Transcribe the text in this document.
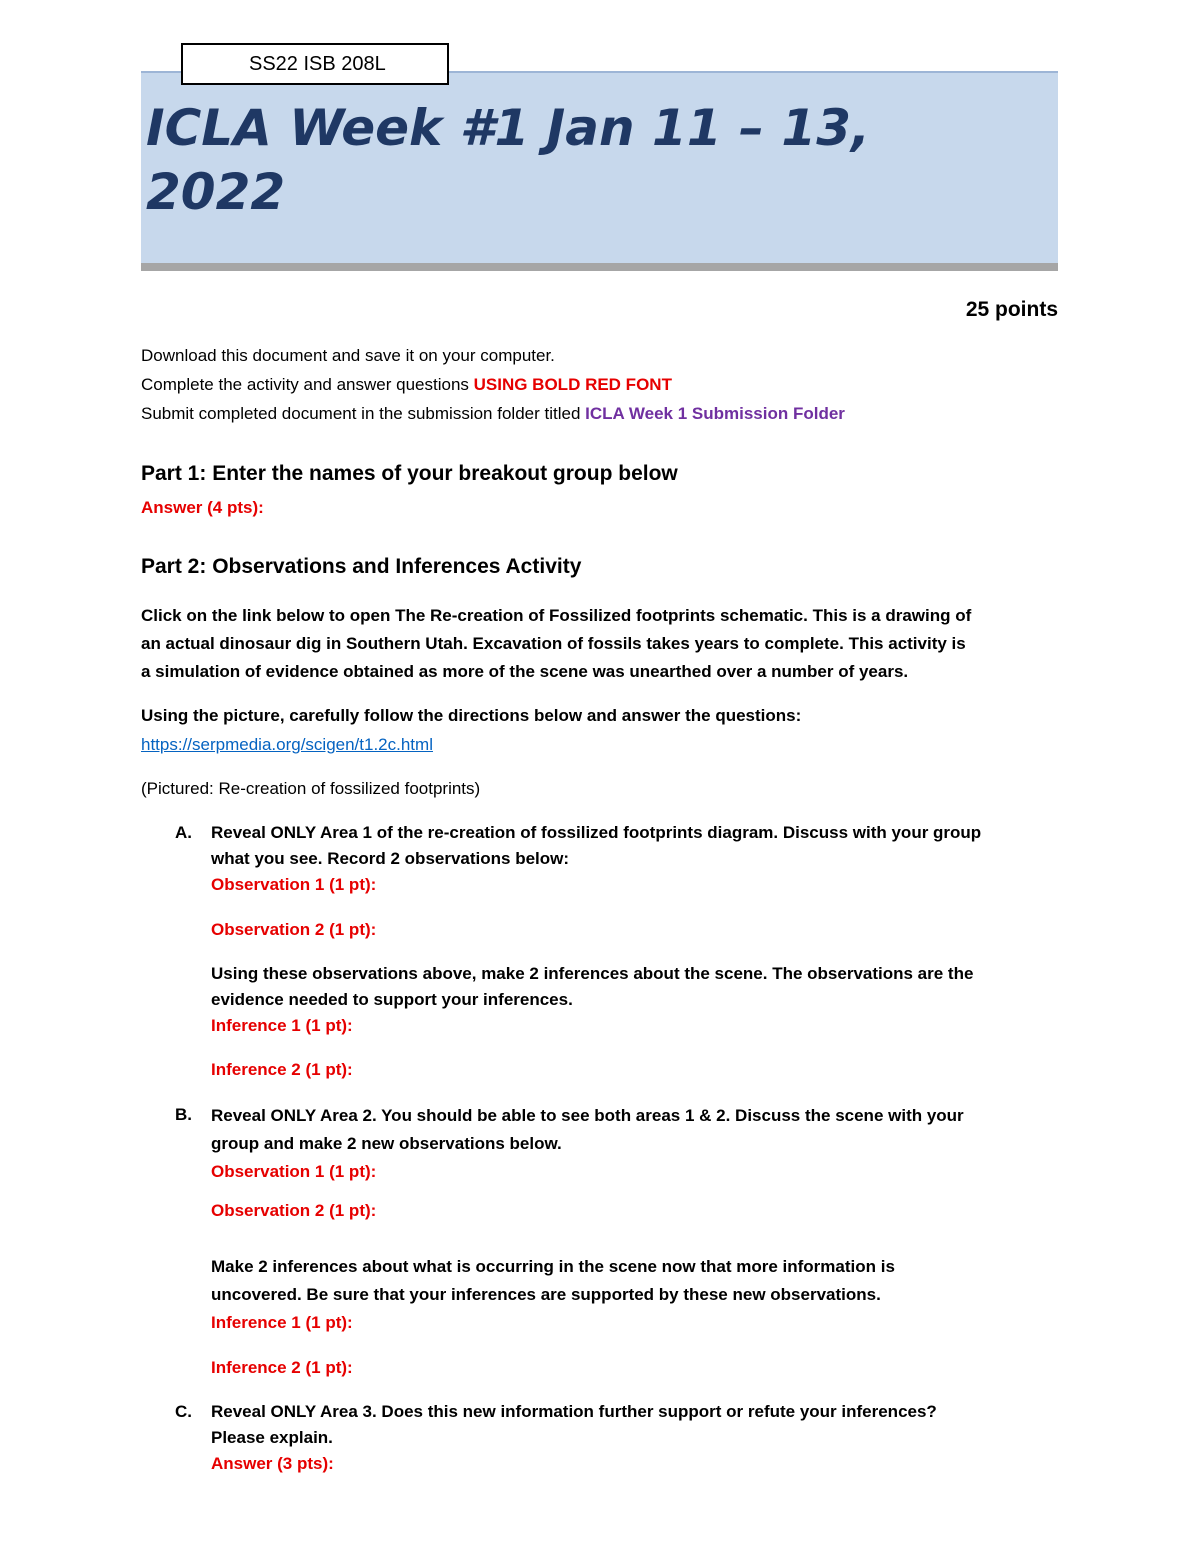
SS22 ISB 208L
ICLA Week #1 Jan 11 – 13,
2022
25 points
Download this document and save it on your computer.
Complete the activity and answer questions USING BOLD RED FONT
Submit completed document in the submission folder titled ICLA Week 1 Submission Folder
Part 1: Enter the names of your breakout group below
Answer (4 pts):
Part 2: Observations and Inferences Activity
Click on the link below to open The Re-creation of Fossilized footprints schematic. This is a drawing of
an actual dinosaur dig in Southern Utah. Excavation of fossils takes years to complete. This activity is
a simulation of evidence obtained as more of the scene was unearthed over a number of years.
Using the picture, carefully follow the directions below and answer the questions:
https://serpmedia.org/scigen/t1.2c.html
(Pictured: Re-creation of fossilized footprints)
A. Reveal ONLY Area 1 of the re-creation of fossilized footprints diagram. Discuss with your group
what you see. Record 2 observations below:
Observation 1 (1 pt):
Observation 2 (1 pt):
Using these observations above, make 2 inferences about the scene. The observations are the
evidence needed to support your inferences.
Inference 1 (1 pt):
Inference 2 (1 pt):
B. Reveal ONLY Area 2. You should be able to see both areas 1 & 2. Discuss the scene with your
group and make 2 new observations below.
Observation 1 (1 pt):
Observation 2 (1 pt):
Make 2 inferences about what is occurring in the scene now that more information is
uncovered. Be sure that your inferences are supported by these new observations.
Inference 1 (1 pt):
Inference 2 (1 pt):
C. Reveal ONLY Area 3. Does this new information further support or refute your inferences?
Please explain.
Answer (3 pts):
